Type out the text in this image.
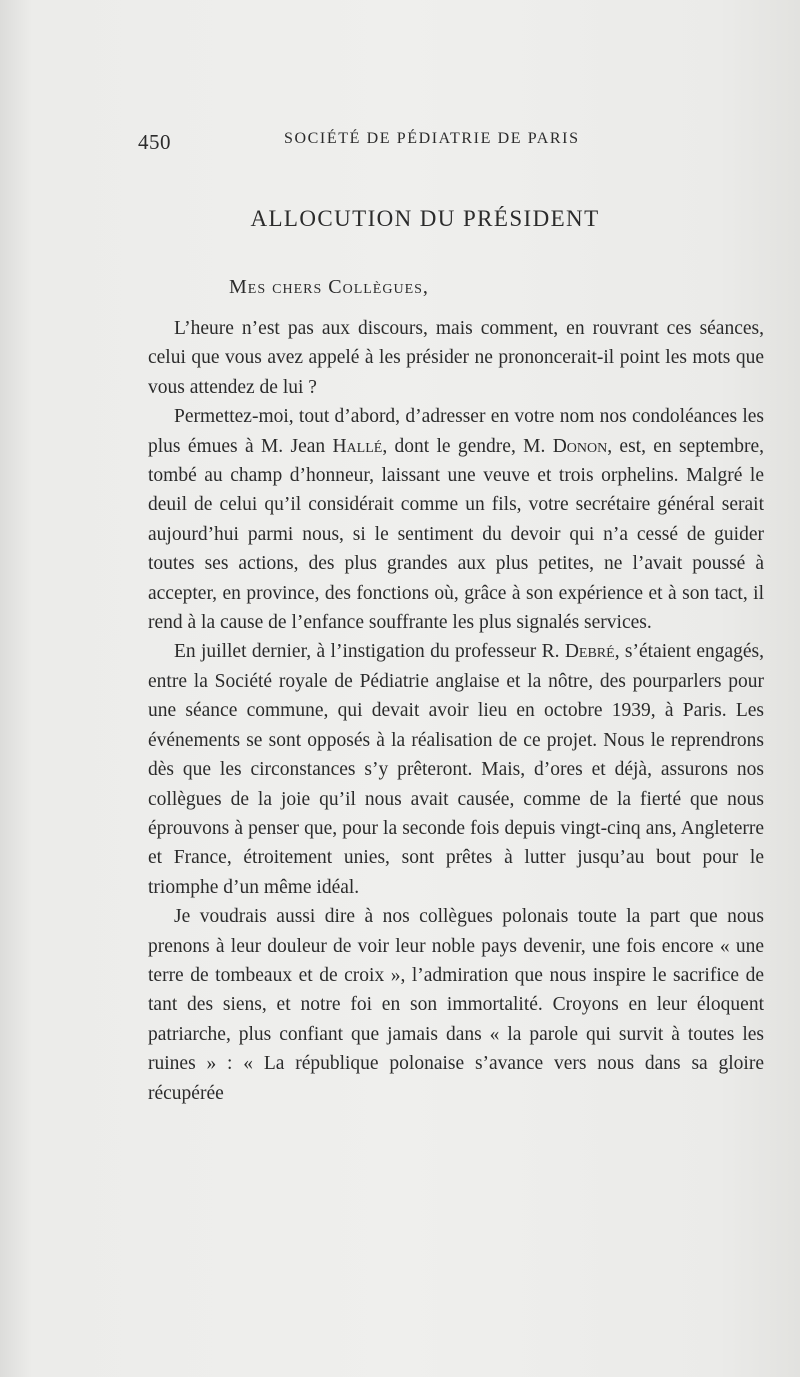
450	SOCIÉTÉ DE PÉDIATRIE DE PARIS
ALLOCUTION DU PRÉSIDENT
Mes chers Collègues,

L’heure n’est pas aux discours, mais comment, en rouvrant ces séances, celui que vous avez appelé à les présider ne prononcerait-il point les mots que vous attendez de lui ?

Permettez-moi, tout d’abord, d’adresser en votre nom nos condoléances les plus émues à M. Jean Hallé, dont le gendre, M. Donon, est, en septembre, tombé au champ d’honneur, laissant une veuve et trois orphelins. Malgré le deuil de celui qu’il considérait comme un fils, votre secrétaire général serait aujourd’hui parmi nous, si le sentiment du devoir qui n’a cessé de guider toutes ses actions, des plus grandes aux plus petites, ne l’avait poussé à accepter, en province, des fonctions où, grâce à son expérience et à son tact, il rend à la cause de l’enfance souffrante les plus signalés services.

En juillet dernier, à l’instigation du professeur R. Debré, s’étaient engagés, entre la Société royale de Pédiatrie anglaise et la nôtre, des pourparlers pour une séance commune, qui devait avoir lieu en octobre 1939, à Paris. Les événements se sont opposés à la réalisation de ce projet. Nous le reprendrons dès que les circonstances s’y prêteront. Mais, d’ores et déjà, assurons nos collègues de la joie qu’il nous avait causée, comme de la fierté que nous éprouvons à penser que, pour la seconde fois depuis vingt-cinq ans, Angleterre et France, étroitement unies, sont prêtes à lutter jusqu’au bout pour le triomphe d’un même idéal.

Je voudrais aussi dire à nos collègues polonais toute la part que nous prenons à leur douleur de voir leur noble pays devenir, une fois encore « une terre de tombeaux et de croix », l’admiration que nous inspire le sacrifice de tant des siens, et notre foi en son immortalité. Croyons en leur éloquent patriarche, plus confiant que jamais dans « la parole qui survit à toutes les ruines » : « La république polonaise s’avance vers nous dans sa gloire récupérée
